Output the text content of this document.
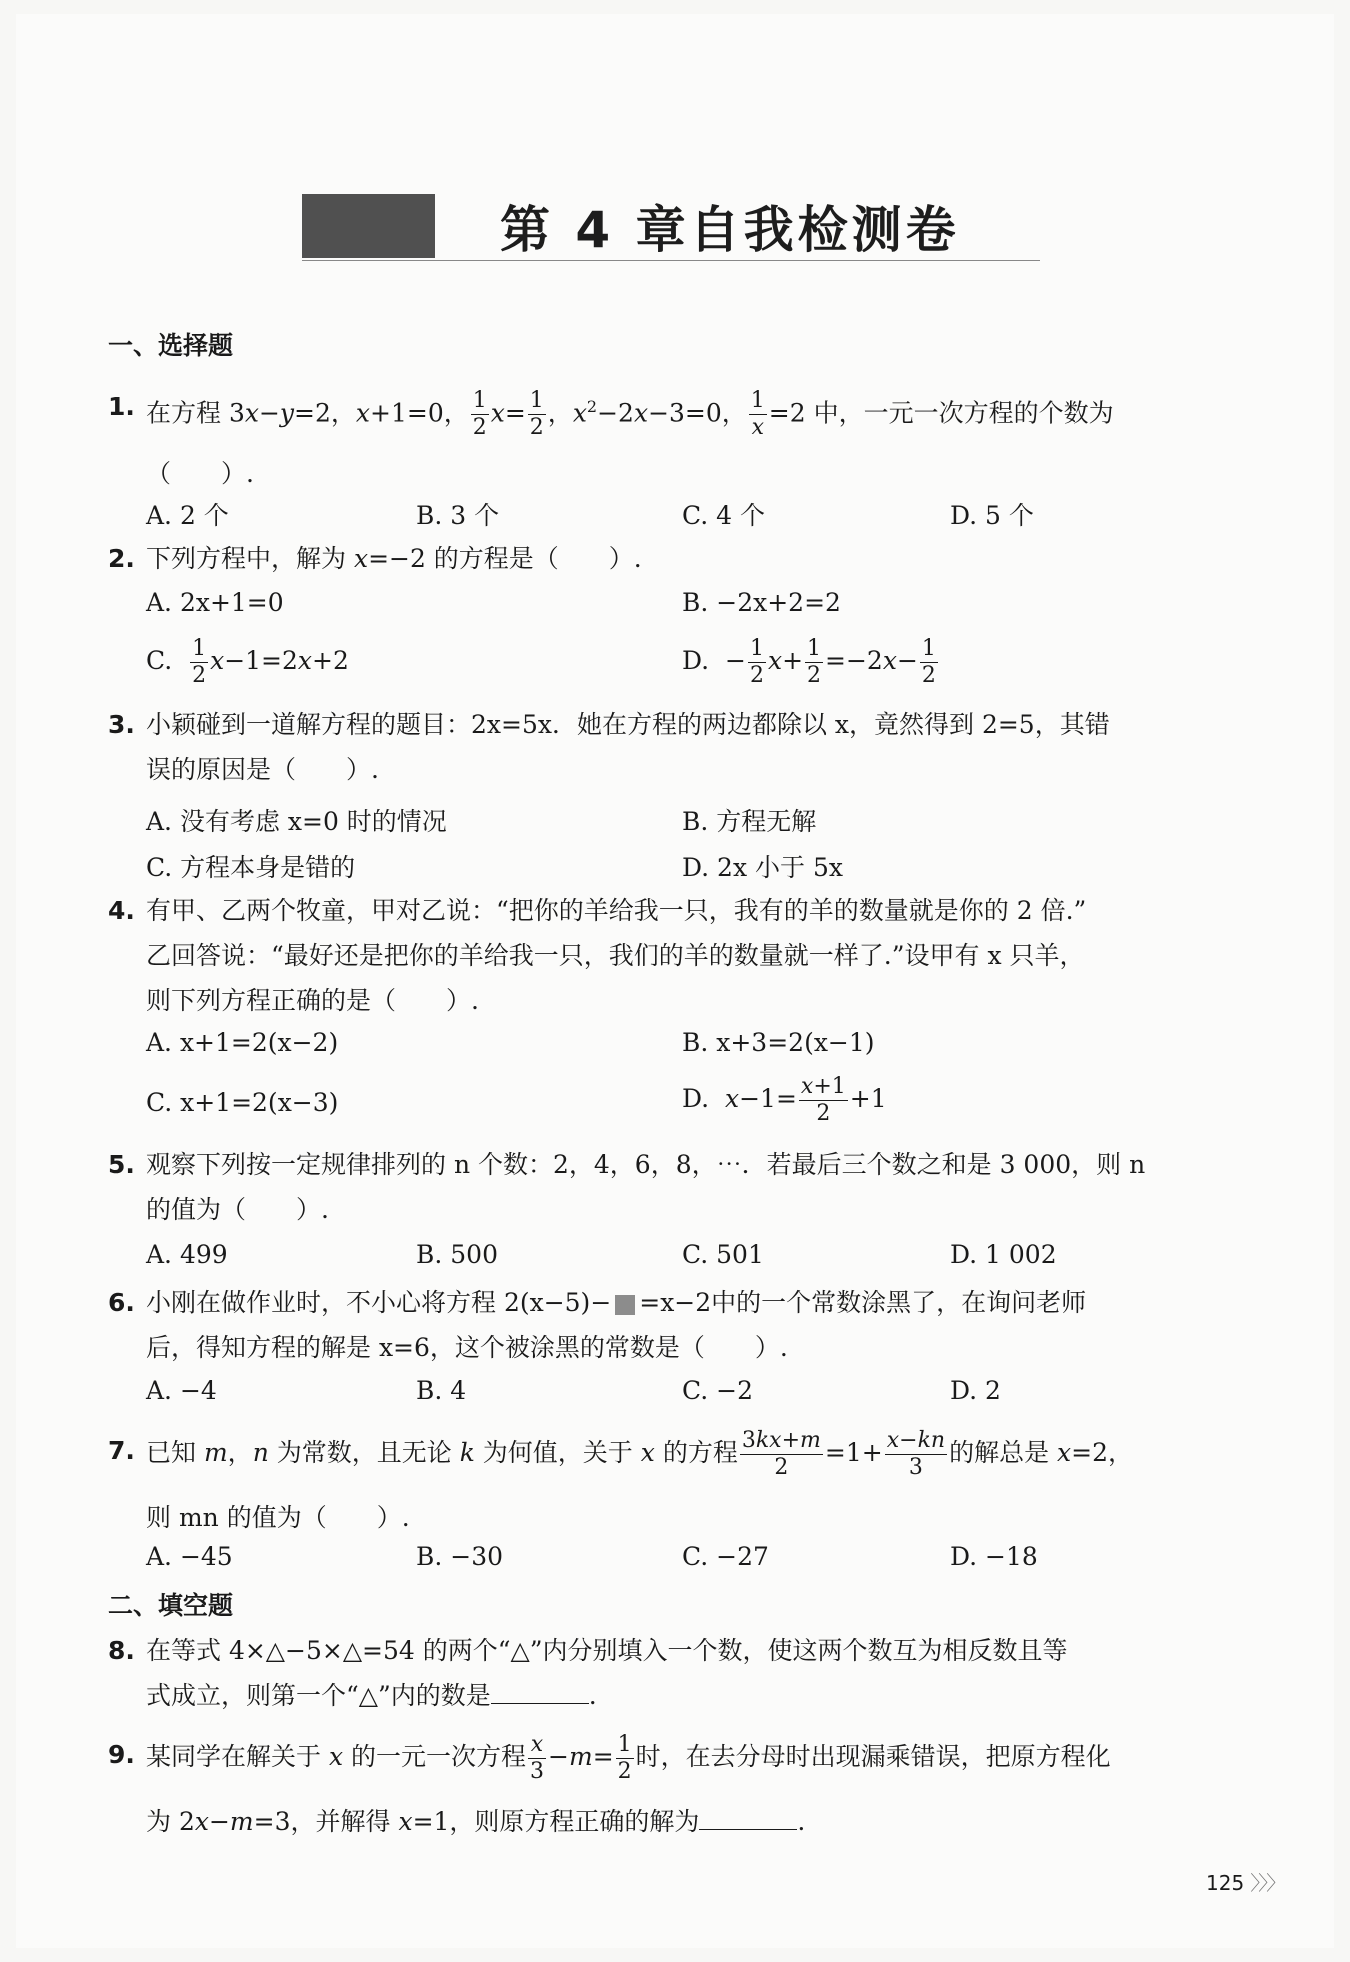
第 4 章自我检测卷
一、选择题
1. 在方程 3x−y=2，x+1=0， $\frac{1}{2} x= \frac{1}{2}$ ，$x^2-2x-3=0$， $\frac{1}{x} =2$ 中，一元一次方程的个数为
（　　）.
A. 2 个	B. 3 个	C. 4 个	D. 5 个
2. 下列方程中，解为 x=−2 的方程是（　　）.
A. 2x+1=0	B. −2x+2=2
C. $\frac{1}{2} x-1=2x+2$	D.  − $\frac{1}{2} x+ \frac{1}{2} =-2x- \frac{1}{2}$
3. 小颖碰到一道解方程的题目：2x=5x．她在方程的两边都除以 x，竟然得到 2=5，其错
误的原因是（　　）.
A. 没有考虑 x=0 时的情况	B. 方程无解
C. 方程本身是错的	D. 2x 小于 5x
4. 有甲、乙两个牧童，甲对乙说：“把你的羊给我一只，我有的羊的数量就是你的 2 倍.”
乙回答说：“最好还是把你的羊给我一只，我们的羊的数量就一样了.”设甲有 x 只羊，
则下列方程正确的是（　　）.
A. x+1=2(x−2)	B. x+3=2(x−1)
C. x+1=2(x−3)	D.  $x-1= \frac{x+1}{2} +1$
5. 观察下列按一定规律排列的 n 个数：2，4，6，8，⋯．若最后三个数之和是 3 000，则 n
的值为（　　）.
A. 499	B. 500	C. 501	D. 1 002
6. 小刚在做作业时，不小心将方程 2(x−5)− =x−2中的一个常数涂黑了，在询问老师
后，得知方程的解是 x=6，这个被涂黑的常数是（　　）.
A. −4	B. 4	C. −2	D. 2
7. 已知 m，n 为常数，且无论 k 为何值，关于 x 的方程 $\frac{3kx+m}{2} =1+ \frac{x-kn}{3}$ 的解总是 x=2，
则 mn 的值为（　　）.
A. −45	B. −30	C. −27	D. −18
二、填空题
8. 在等式 4×△−5×△=54 的两个“△”内分别填入一个数，使这两个数互为相反数且等
式成立，则第一个“△”内的数是	.
9. 某同学在解关于 x 的一元一次方程 $\frac{x}{3} -m= \frac{1}{2}$ 时，在去分母时出现漏乘错误，把原方程化
为 2x−m=3，并解得 x=1，则原方程正确的解为	.
125 〉〉〉
